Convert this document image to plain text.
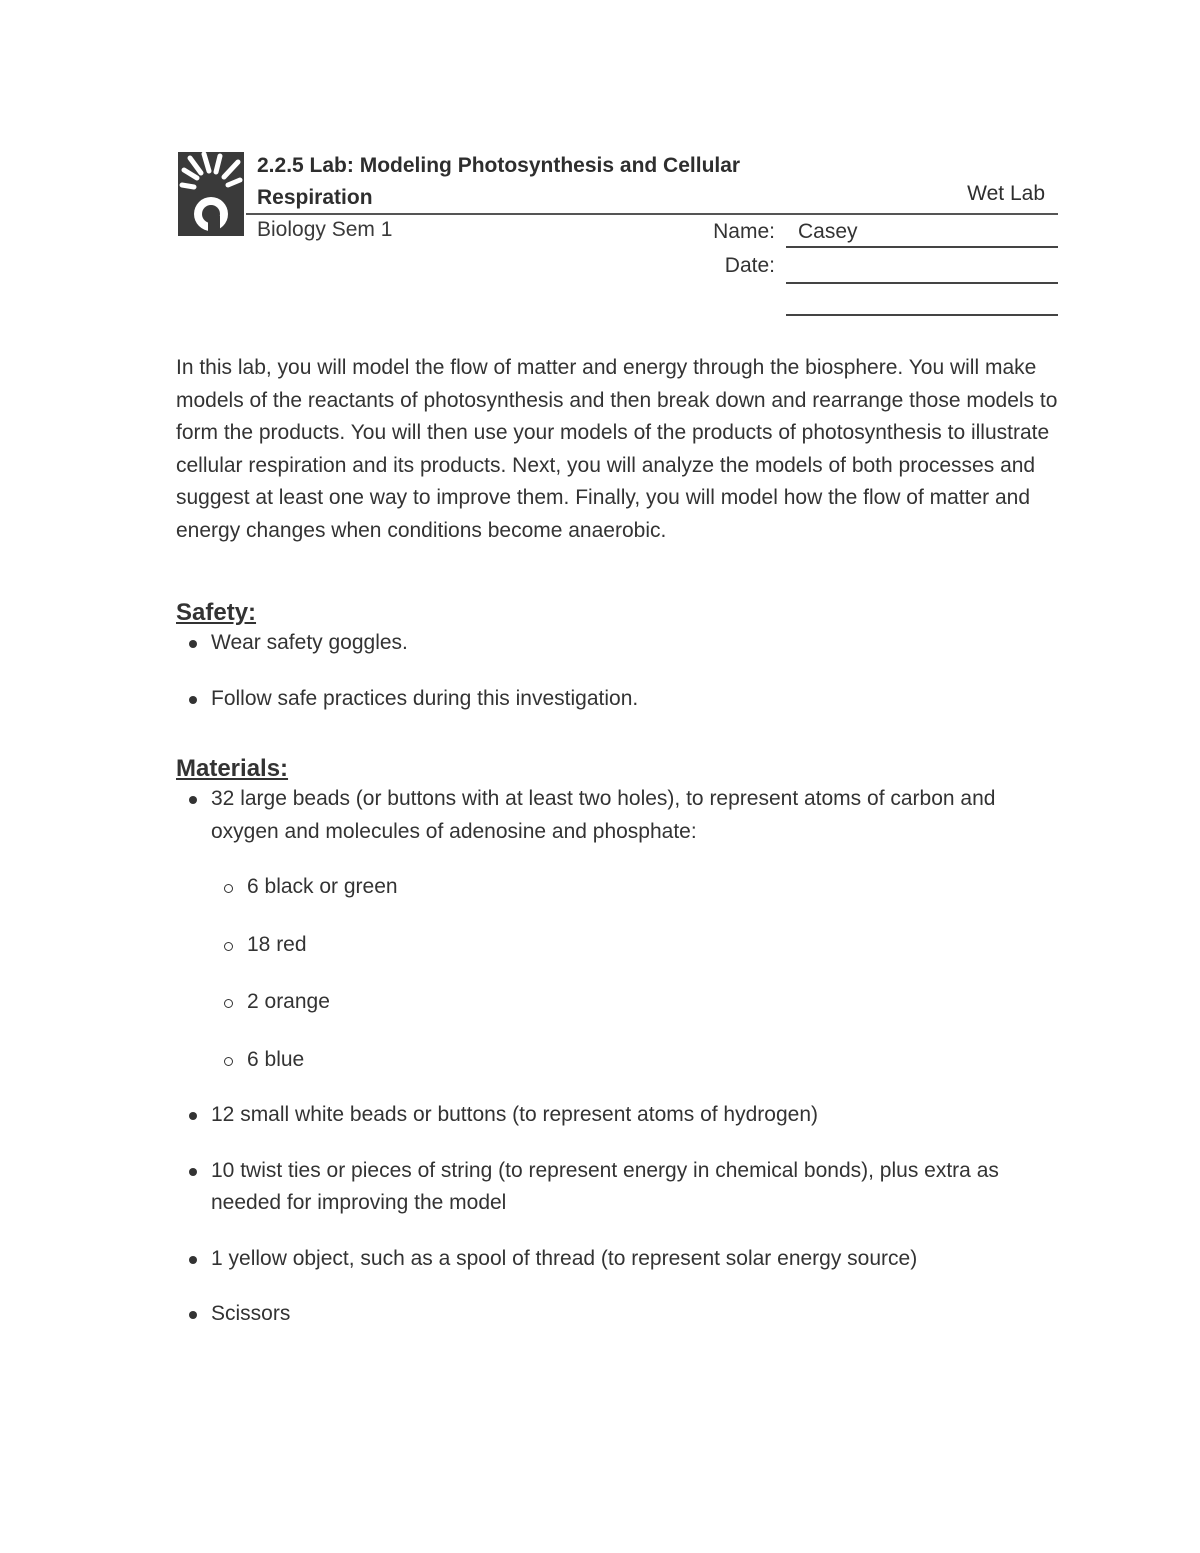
2.2.5 Lab: Modeling Photosynthesis and Cellular Respiration	Wet Lab
Biology Sem 1	Name: Casey
Date:

In this lab, you will model the flow of matter and energy through the biosphere. You will make models of the reactants of photosynthesis and then break down and rearrange those models to form the products. You will then use your models of the products of photosynthesis to illustrate cellular respiration and its products. Next, you will analyze the models of both processes and suggest at least one way to improve them. Finally, you will model how the flow of matter and energy changes when conditions become anaerobic.

Safety:
Wear safety goggles.
Follow safe practices during this investigation.
Materials:
32 large beads (or buttons with at least two holes), to represent atoms of carbon and oxygen and molecules of adenosine and phosphate:
6 black or green
18 red
2 orange
6 blue
12 small white beads or buttons (to represent atoms of hydrogen)
10 twist ties or pieces of string (to represent energy in chemical bonds), plus extra as needed for improving the model
1 yellow object, such as a spool of thread (to represent solar energy source)
Scissors
